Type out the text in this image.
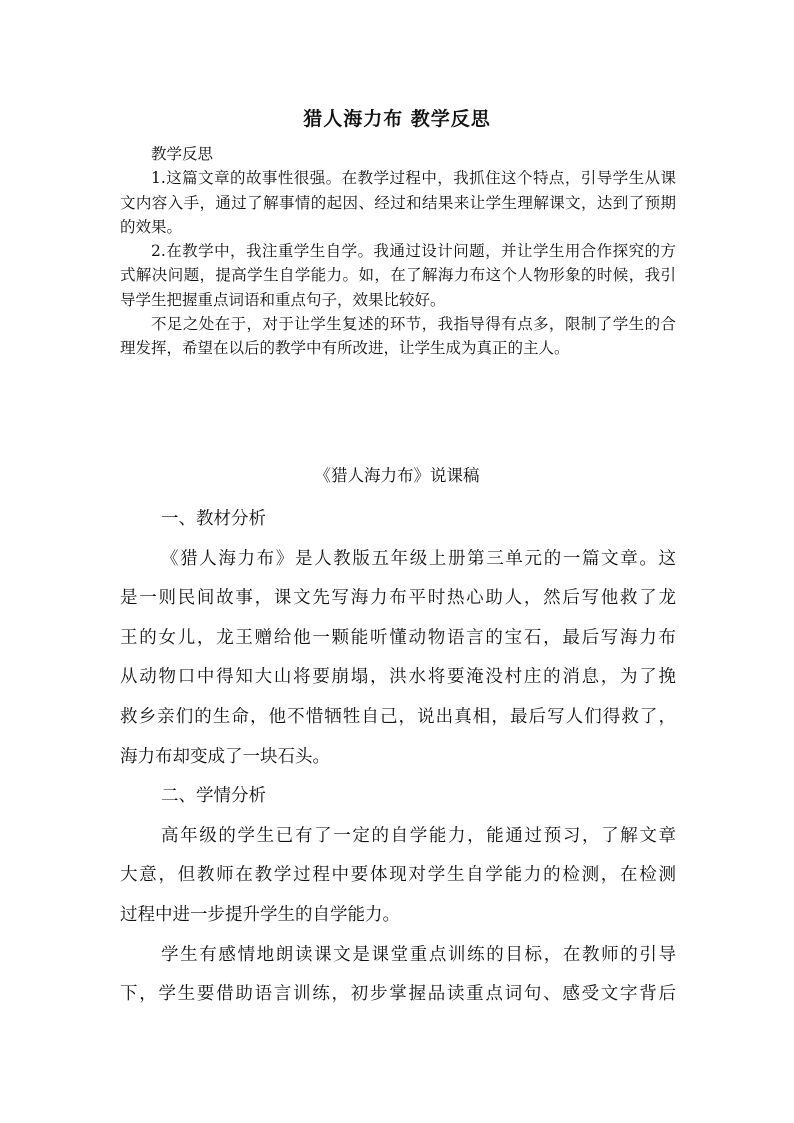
猎人海力布 教学反思
教学反思
1.这篇文章的故事性很强。在教学过程中，我抓住这个特点，引导学生从课
文内容入手，通过了解事情的起因、经过和结果来让学生理解课文，达到了预期
的效果。
2.在教学中，我注重学生自学。我通过设计问题，并让学生用合作探究的方
式解决问题，提高学生自学能力。如，在了解海力布这个人物形象的时候，我引
导学生把握重点词语和重点句子，效果比较好。
不足之处在于，对于让学生复述的环节，我指导得有点多，限制了学生的合
理发挥，希望在以后的教学中有所改进，让学生成为真正的主人。
《猎人海力布》说课稿
一、教材分析
《猎人海力布》是人教版五年级上册第三单元的一篇文章。这
是一则民间故事，课文先写海力布平时热心助人，然后写他救了龙
王的女儿，龙王赠给他一颗能听懂动物语言的宝石，最后写海力布
从动物口中得知大山将要崩塌，洪水将要淹没村庄的消息，为了挽
救乡亲们的生命，他不惜牺牲自己，说出真相，最后写人们得救了，
海力布却变成了一块石头。
二、学情分析
高年级的学生已有了一定的自学能力，能通过预习，了解文章
大意，但教师在教学过程中要体现对学生自学能力的检测，在检测
过程中进一步提升学生的自学能力。
学生有感情地朗读课文是课堂重点训练的目标，在教师的引导
下，学生要借助语言训练，初步掌握品读重点词句、感受文字背后
